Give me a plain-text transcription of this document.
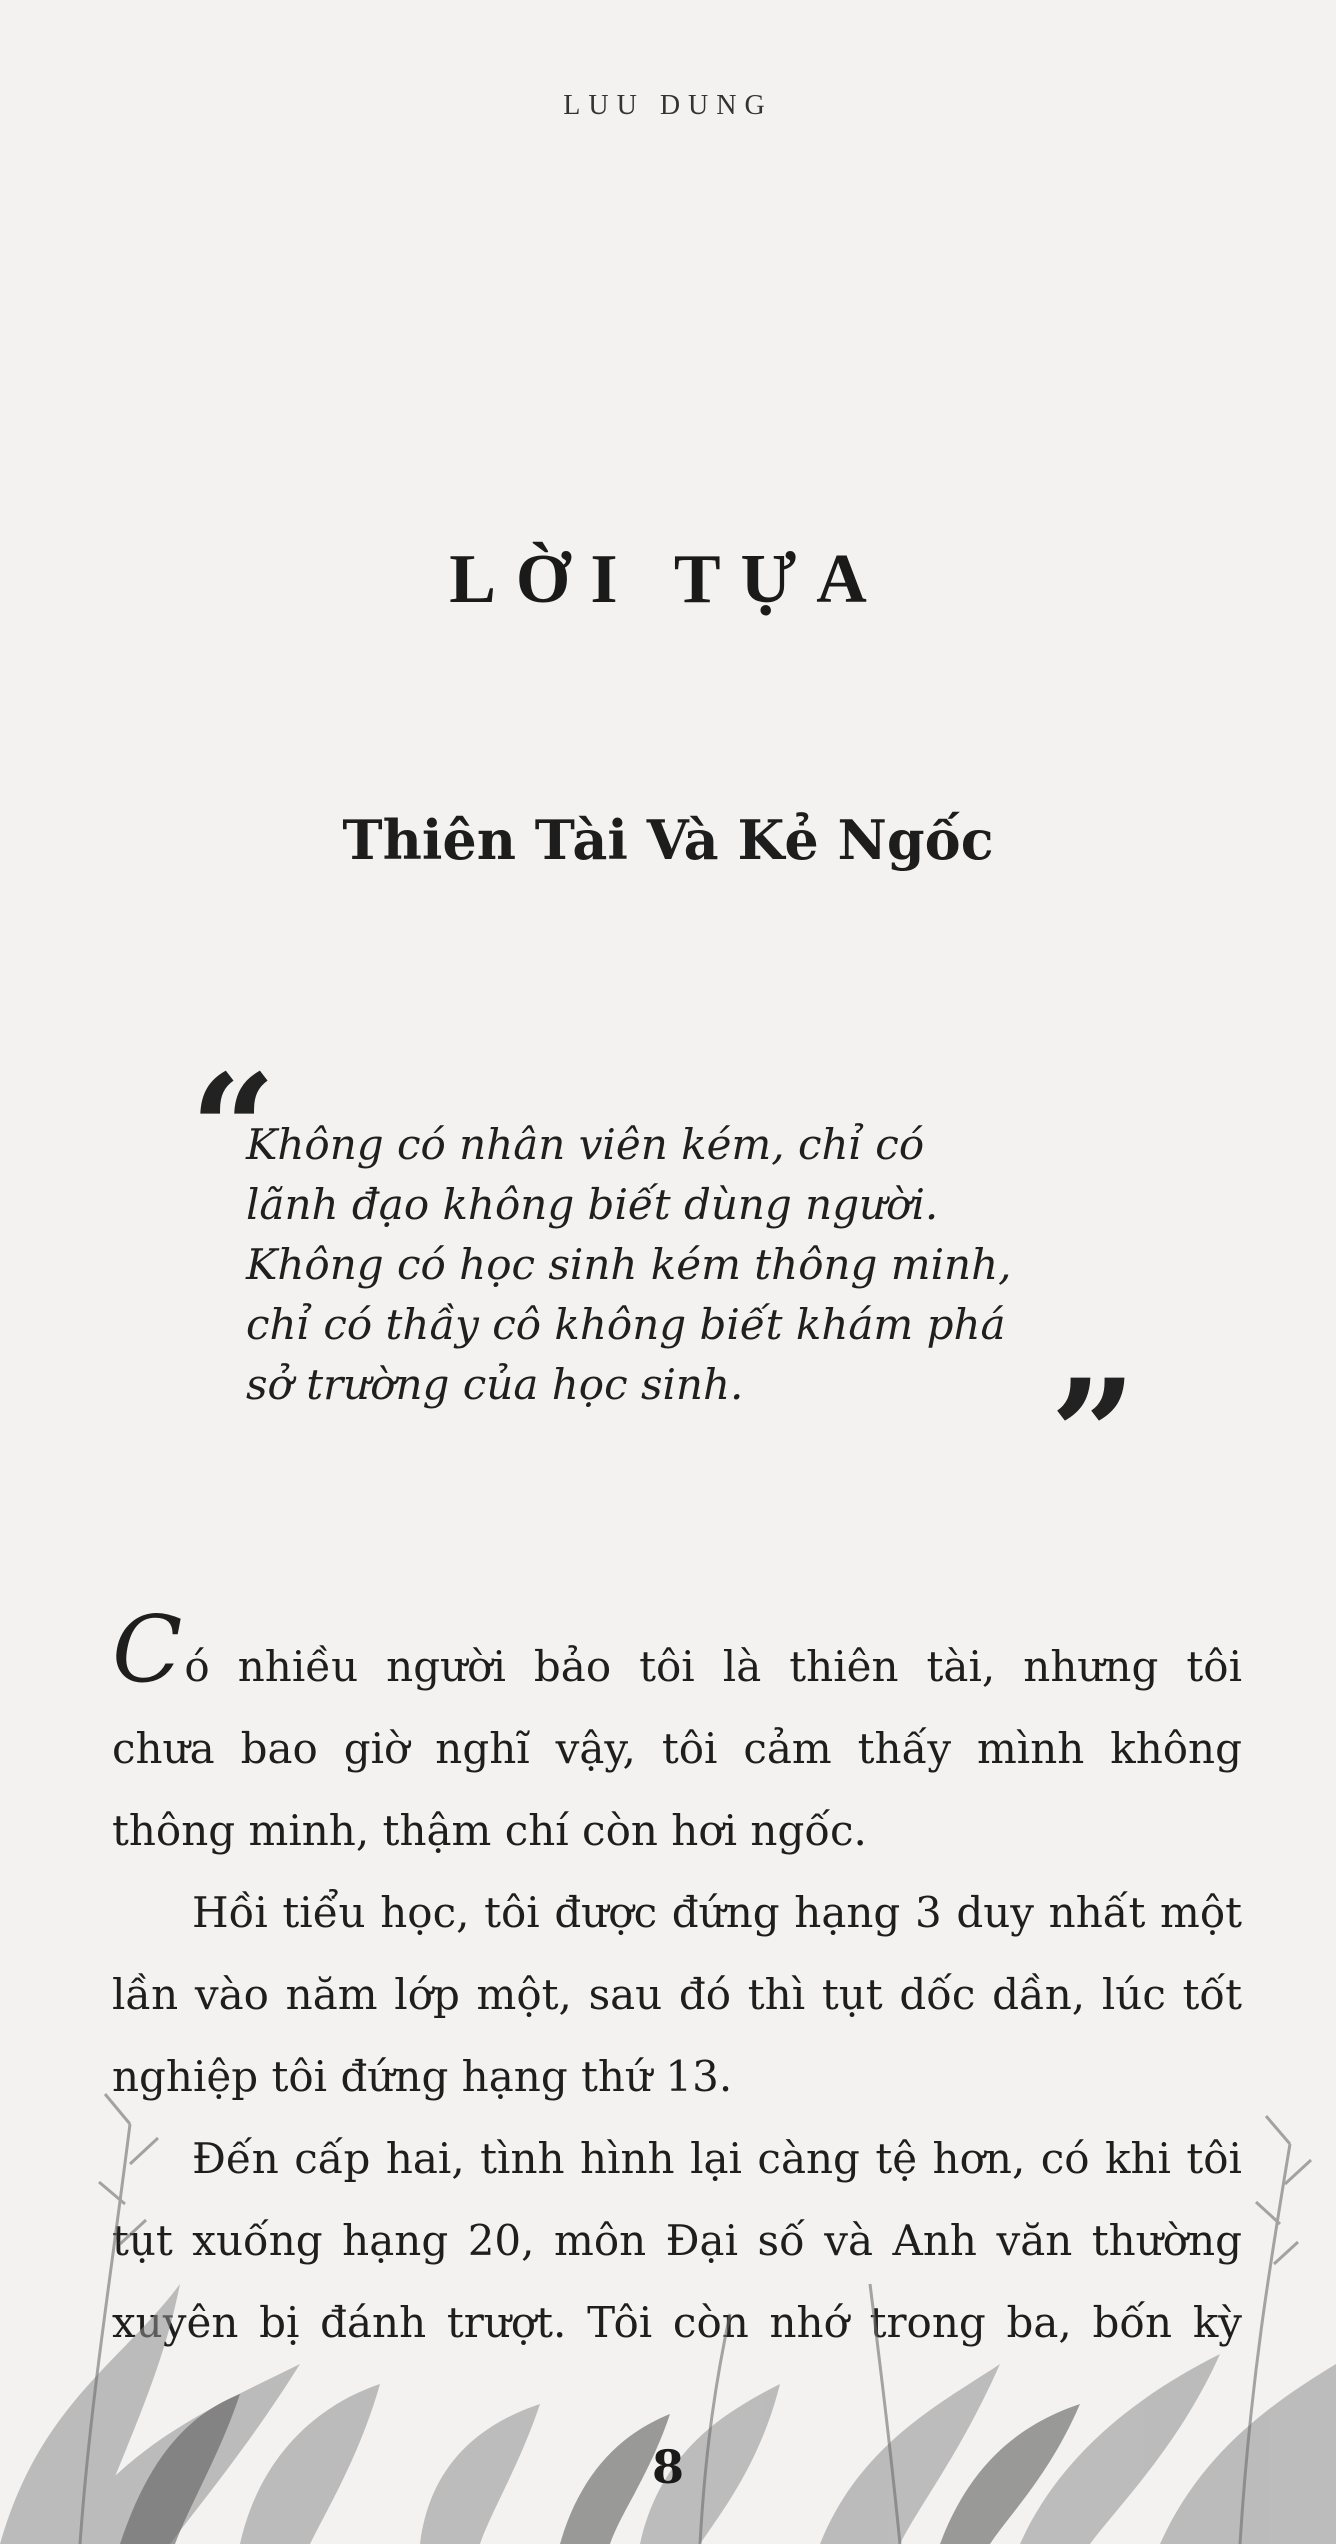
LUU DUNG
LỜI TỰA
Thiên Tài Và Kẻ Ngốc
“
Không có nhân viên kém, chỉ có
lãnh đạo không biết dùng người.
Không có học sinh kém thông minh,
chỉ có thầy cô không biết khám phá
sở trường của học sinh.	”
Có nhiều người bảo tôi là thiên tài, nhưng tôi
chưa bao giờ nghĩ vậy, tôi cảm thấy mình không
thông minh, thậm chí còn hơi ngốc.
Hồi tiểu học, tôi được đứng hạng 3 duy nhất một
lần vào năm lớp một, sau đó thì tụt dốc dần, lúc tốt
nghiệp tôi đứng hạng thứ 13.
Đến cấp hai, tình hình lại càng tệ hơn, có khi tôi
tụt xuống hạng 20, môn Đại số và Anh văn thường
xuyên bị đánh trượt. Tôi còn nhớ trong ba, bốn kỳ
8
